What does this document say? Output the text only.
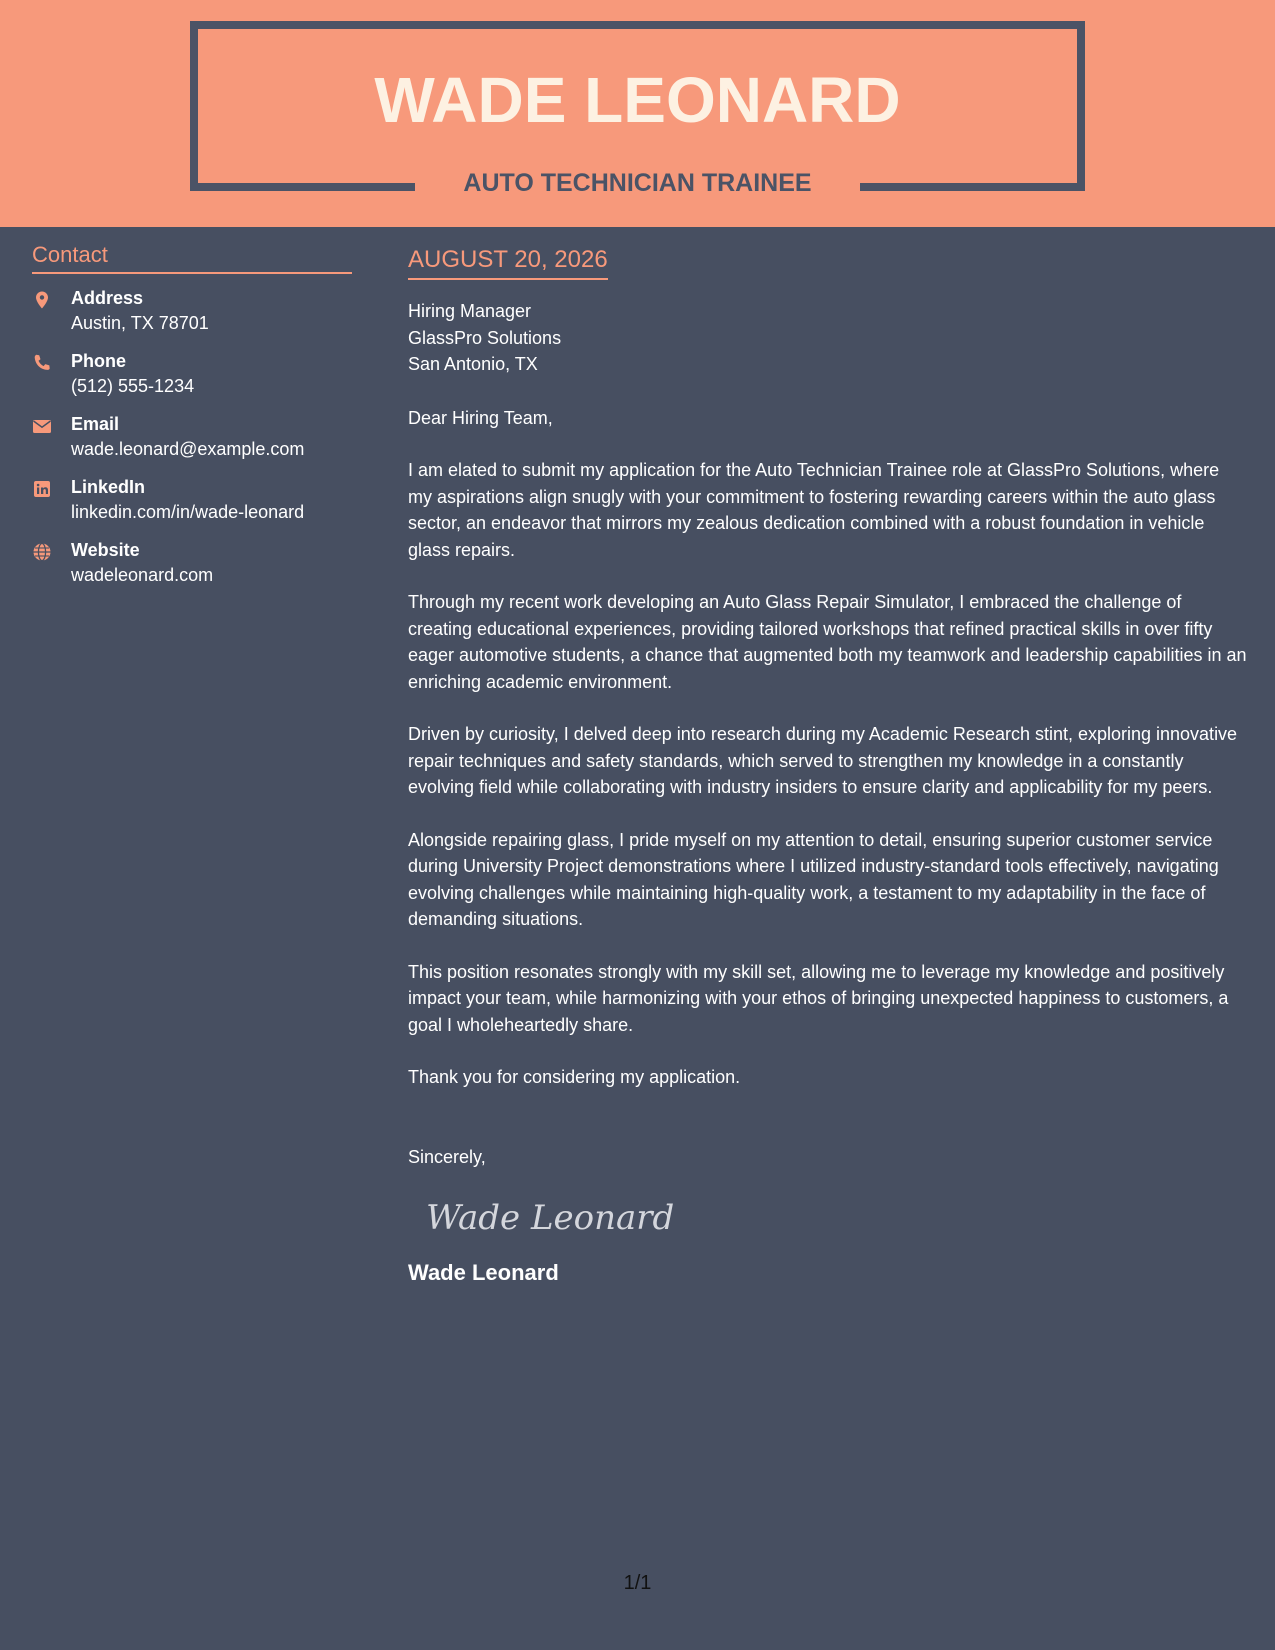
WADE LEONARD
AUTO TECHNICIAN TRAINEE
Contact
Address
Austin, TX 78701
Phone
(512) 555-1234
Email
wade.leonard@example.com
LinkedIn
linkedin.com/in/wade-leonard
Website
wadeleonard.com
AUGUST 20, 2026
Hiring Manager
GlassPro Solutions
San Antonio, TX
Dear Hiring Team,
I am elated to submit my application for the Auto Technician Trainee role at GlassPro Solutions, where my aspirations align snugly with your commitment to fostering rewarding careers within the auto glass sector, an endeavor that mirrors my zealous dedication combined with a robust foundation in vehicle glass repairs.
Through my recent work developing an Auto Glass Repair Simulator, I embraced the challenge of creating educational experiences, providing tailored workshops that refined practical skills in over fifty eager automotive students, a chance that augmented both my teamwork and leadership capabilities in an enriching academic environment.
Driven by curiosity, I delved deep into research during my Academic Research stint, exploring innovative repair techniques and safety standards, which served to strengthen my knowledge in a constantly evolving field while collaborating with industry insiders to ensure clarity and applicability for my peers.
Alongside repairing glass, I pride myself on my attention to detail, ensuring superior customer service during University Project demonstrations where I utilized industry-standard tools effectively, navigating evolving challenges while maintaining high-quality work, a testament to my adaptability in the face of demanding situations.
This position resonates strongly with my skill set, allowing me to leverage my knowledge and positively impact your team, while harmonizing with your ethos of bringing unexpected happiness to customers, a goal I wholeheartedly share.
Thank you for considering my application.
Sincerely,
Wade Leonard
Wade Leonard
1/1
